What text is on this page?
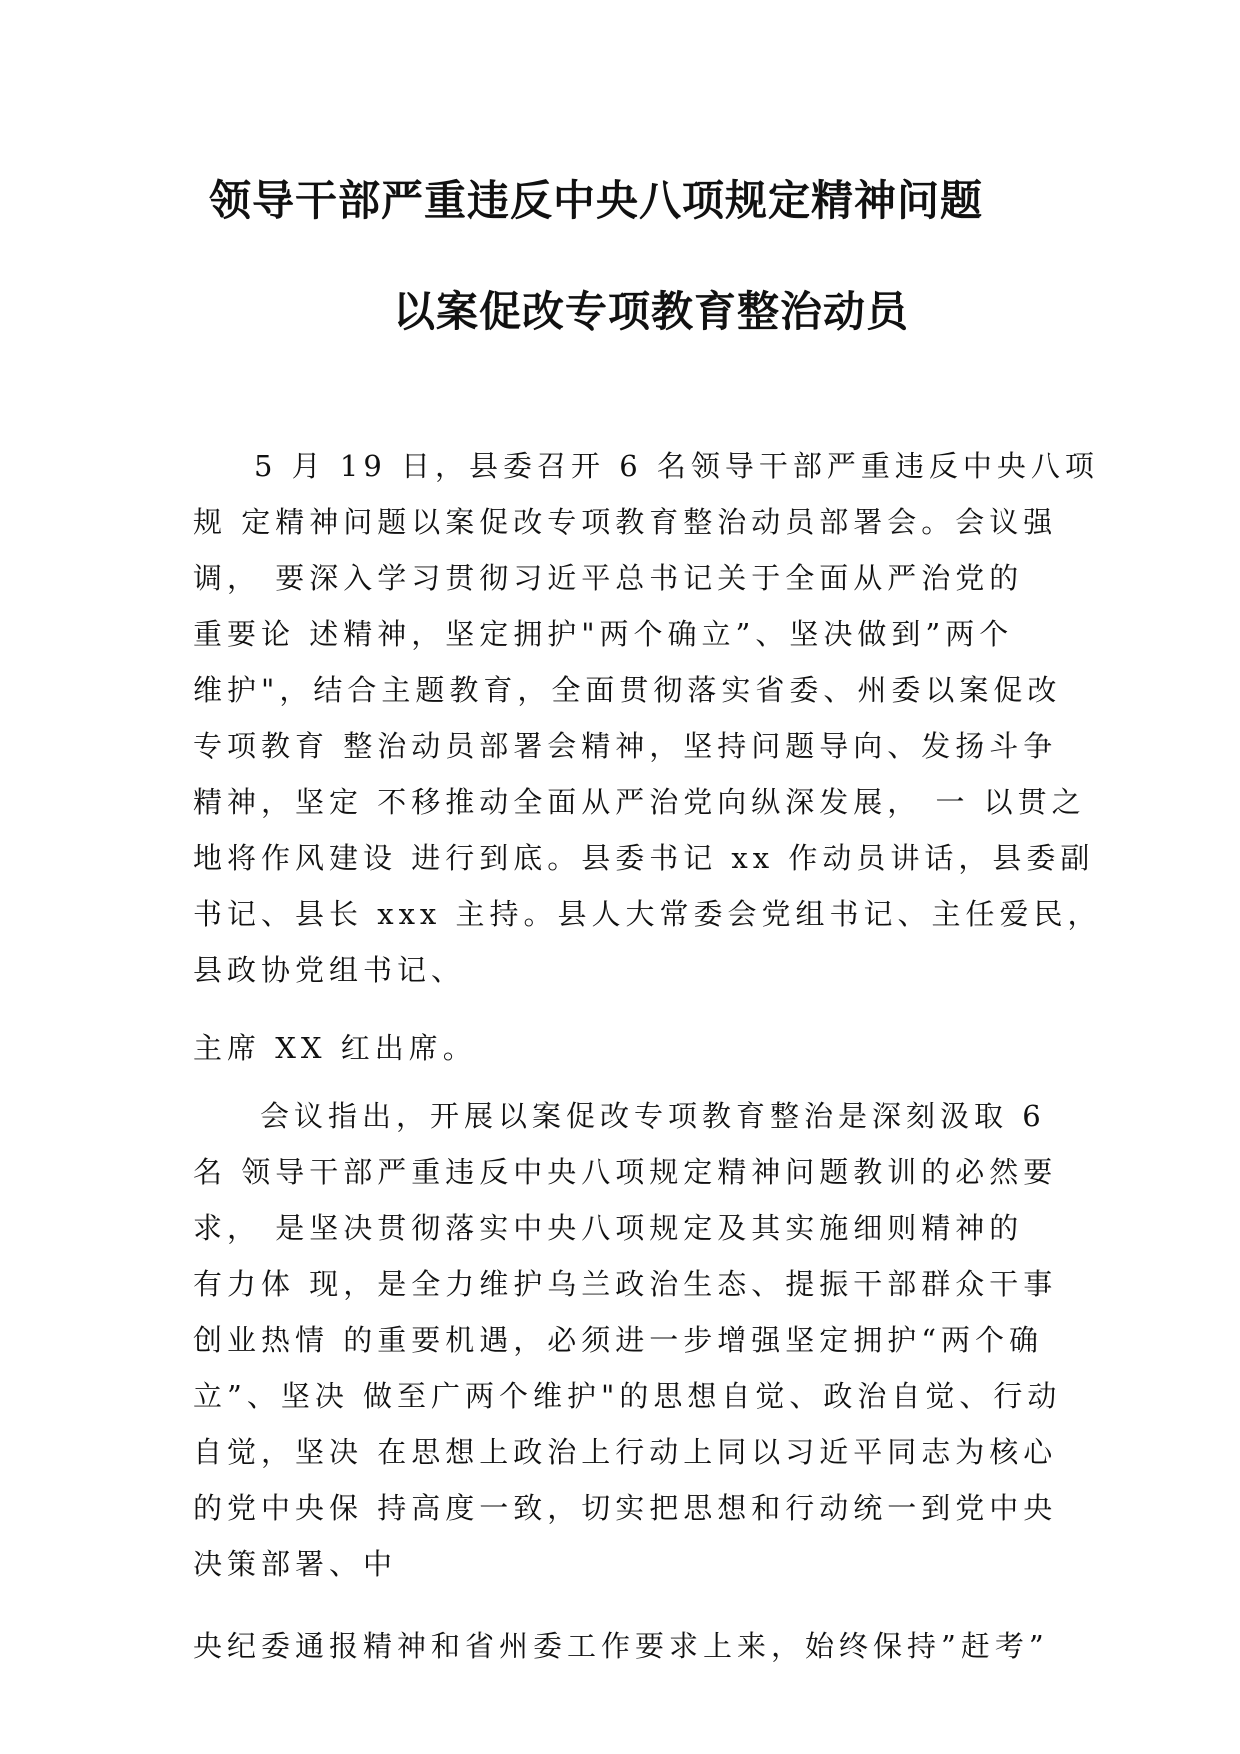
领导干部严重违反中央八项规定精神问题
以案促改专项教育整治动员

5 月 19 日，县委召开 6 名领导干部严重违反中央八项

规 定精神问题以案促改专项教育整治动员部署会。会议强

调， 要深入学习贯彻习近平总书记关于全面从严治党的

重要论 述精神，坚定拥护"两个确立”、坚决做到”两个

维护"，结合主题教育，全面贯彻落实省委、州委以案促改

专项教育 整治动员部署会精神，坚持问题导向、发扬斗争

精神，坚定 不移推动全面从严治党向纵深发展， 一 以贯之

地将作风建设 进行到底。县委书记 xx 作动员讲话，县委副

书记、县长 xxx 主持。县人大常委会党组书记、主任爱民，

县政协党组书记、

主席 XX 红出席。

会议指出，开展以案促改专项教育整治是深刻汲取 6

名 领导干部严重违反中央八项规定精神问题教训的必然要

求， 是坚决贯彻落实中央八项规定及其实施细则精神的

有力体 现，是全力维护乌兰政治生态、提振干部群众干事

创业热情 的重要机遇，必须进一步增强坚定拥护“两个确

立”、坚决 做至广两个维护"的思想自觉、政治自觉、行动

自觉，坚决 在思想上政治上行动上同以习近平同志为核心

的党中央保 持高度一致，切实把思想和行动统一到党中央

决策部署、中

央纪委通报精神和省州委工作要求上来，始终保持”赶考”
